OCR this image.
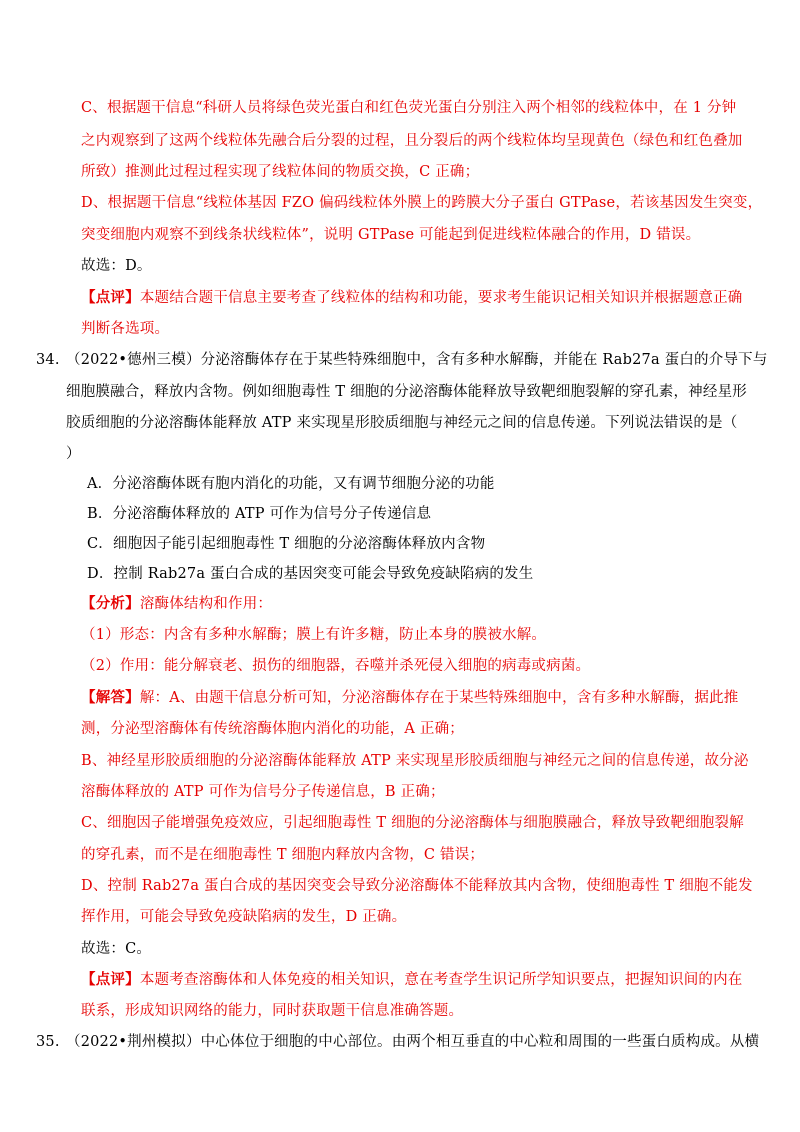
C、根据题干信息“科研人员将绿色荧光蛋白和红色荧光蛋白分别注入两个相邻的线粒体中，在 1 分钟
之内观察到了这两个线粒体先融合后分裂的过程，且分裂后的两个线粒体均呈现黄色（绿色和红色叠加
所致）推测此过程过程实现了线粒体间的物质交换，C 正确；
D、根据题干信息“线粒体基因 FZO 偏码线粒体外膜上的跨膜大分子蛋白 GTPase，若该基因发生突变，
突变细胞内观察不到线条状线粒体”，说明 GTPase 可能起到促进线粒体融合的作用，D 错误。
故选：D。
【点评】本题结合题干信息主要考查了线粒体的结构和功能，要求考生能识记相关知识并根据题意正确
判断各选项。
34. （2022•德州三模）分泌溶酶体存在于某些特殊细胞中，含有多种水解酶，并能在 Rab27a 蛋白的介导下与
细胞膜融合，释放内含物。例如细胞毒性 T 细胞的分泌溶酶体能释放导致靶细胞裂解的穿孔素，神经星形
胶质细胞的分泌溶酶体能释放 ATP 来实现星形胶质细胞与神经元之间的信息传递。下列说法错误的是（
）
A．分泌溶酶体既有胞内消化的功能，又有调节细胞分泌的功能
B．分泌溶酶体释放的 ATP 可作为信号分子传递信息
C．细胞因子能引起细胞毒性 T 细胞的分泌溶酶体释放内含物
D．控制 Rab27a 蛋白合成的基因突变可能会导致免疫缺陷病的发生
【分析】溶酶体结构和作用：
（1）形态：内含有多种水解酶；膜上有许多糖，防止本身的膜被水解。
（2）作用：能分解衰老、损伤的细胞器，吞噬并杀死侵入细胞的病毒或病菌。
【解答】解：A、由题干信息分析可知，分泌溶酶体存在于某些特殊细胞中，含有多种水解酶，据此推
测，分泌型溶酶体有传统溶酶体胞内消化的功能，A 正确；
B、神经星形胶质细胞的分泌溶酶体能释放 ATP 来实现星形胶质细胞与神经元之间的信息传递，故分泌
溶酶体释放的 ATP 可作为信号分子传递信息，B 正确；
C、细胞因子能增强免疫效应，引起细胞毒性 T 细胞的分泌溶酶体与细胞膜融合，释放导致靶细胞裂解
的穿孔素，而不是在细胞毒性 T 细胞内释放内含物，C 错误；
D、控制 Rab27a 蛋白合成的基因突变会导致分泌溶酶体不能释放其内含物，使细胞毒性 T 细胞不能发
挥作用，可能会导致免疫缺陷病的发生，D 正确。
故选：C。
【点评】本题考查溶酶体和人体免疫的相关知识，意在考查学生识记所学知识要点，把握知识间的内在
联系，形成知识网络的能力，同时获取题干信息准确答题。
35. （2022•荆州模拟）中心体位于细胞的中心部位。由两个相互垂直的中心粒和周围的一些蛋白质构成。从横
